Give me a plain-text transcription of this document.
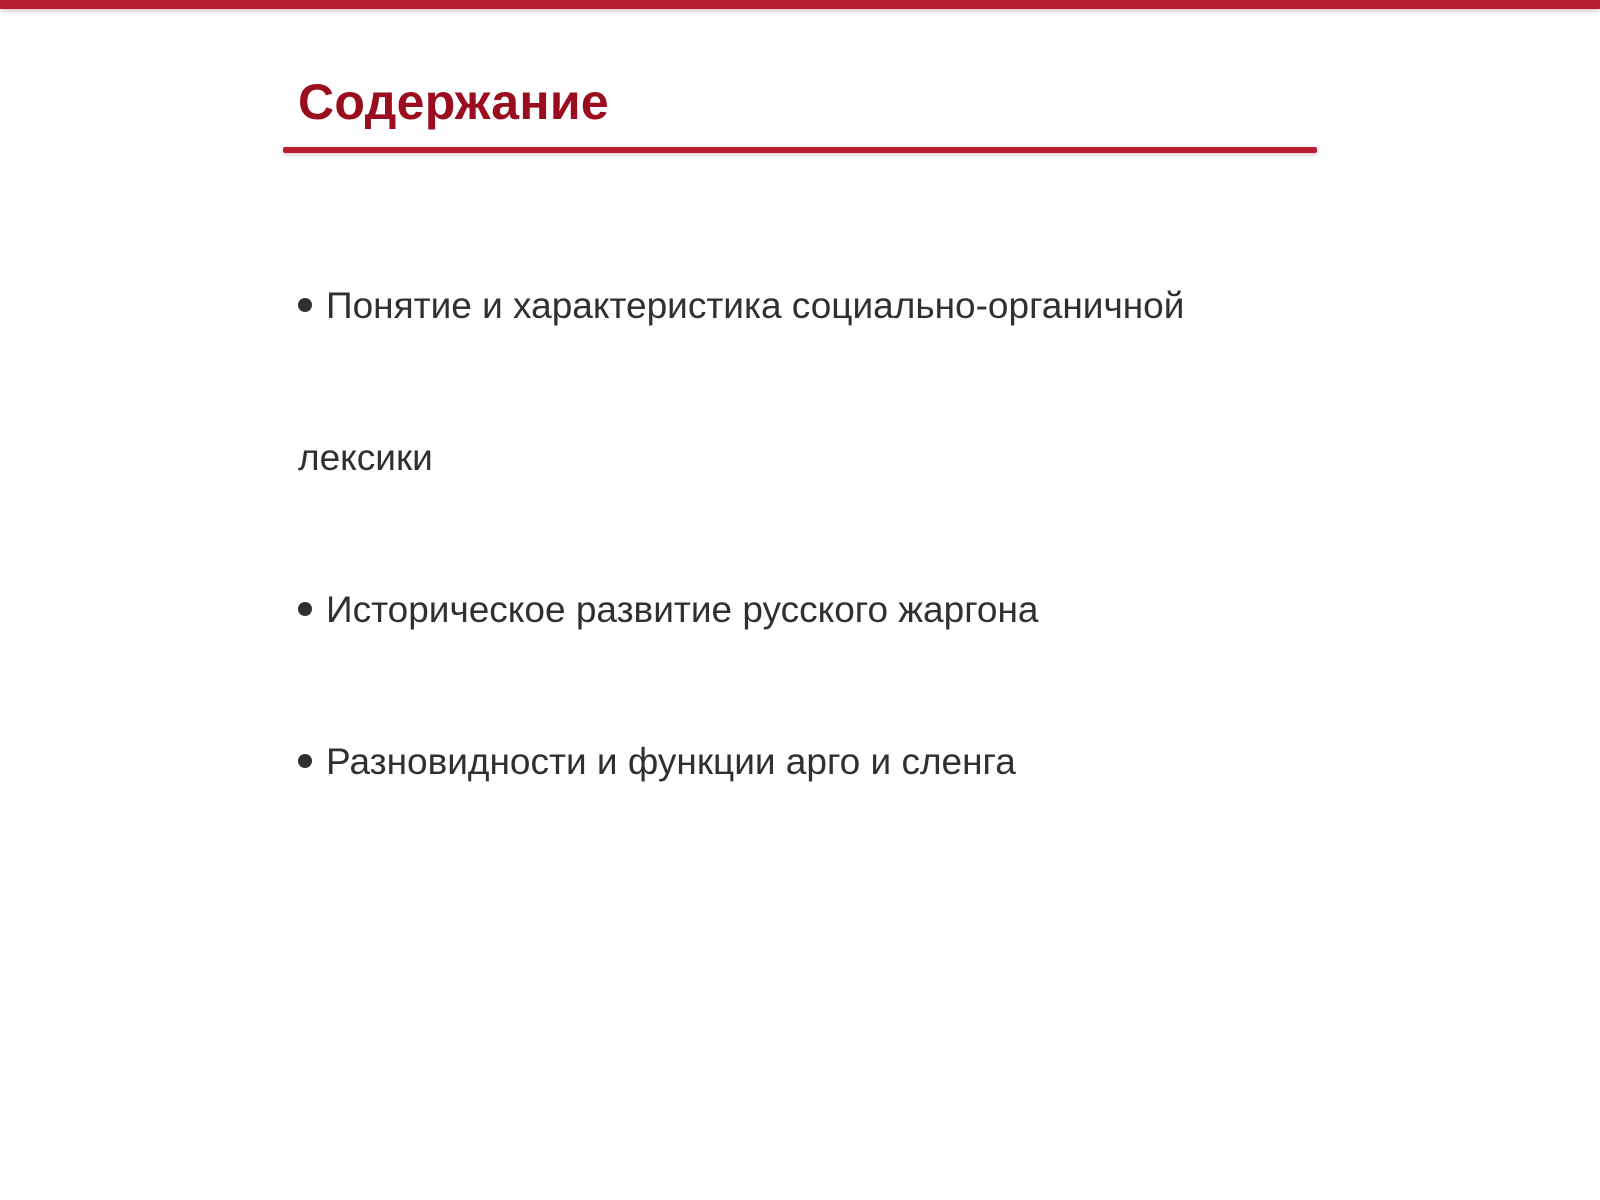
Содержание

Понятие и характеристика социально-органичной

лексики

Историческое развитие русского жаргона

Разновидности и функции арго и сленга
